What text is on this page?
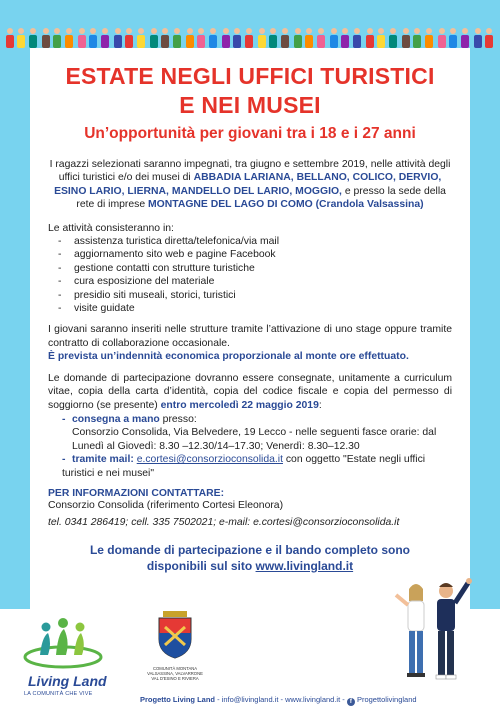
ESTATE NEGLI UFFICI TURISTICI
E NEI MUSEI
Un’opportunità per giovani tra i 18 e i 27 anni
I ragazzi selezionati saranno impegnati, tra giugno e settembre 2019, nelle attività degli uffici turistici e/o dei musei di ABBADIA LARIANA, BELLANO, COLICO, DERVIO, ESINO LARIO, LIERNA, MANDELLO DEL LARIO, MOGGIO, e presso la sede della rete di imprese MONTAGNE DEL LAGO DI COMO (Crandola Valsassina)
Le attività consisteranno in:
- assistenza turistica diretta/telefonica/via mail
- aggiornamento sito web e pagine Facebook
- gestione contatti con strutture turistiche
- cura esposizione del materiale
- presidio siti museali, storici, turistici
- visite guidate
I giovani saranno inseriti nelle strutture tramite l’attivazione di uno stage oppure tramite contratto di collaborazione occasionale.
È prevista un’indennità economica proporzionale al monte ore effettuato.
Le domande di partecipazione dovranno essere consegnate, unitamente a curriculum vitae, copia della carta d’identità, copia del codice fiscale e copia del permesso di soggiorno (se presente) entro mercoledì 22 maggio 2019:
- consegna a mano presso:
Consorzio Consolida, Via Belvedere, 19 Lecco - nelle seguenti fasce orarie: dal Lunedì al Giovedì: 8.30 –12.30/14–17.30; Venerdì: 8.30–12.30
- tramite mail: e.cortesi@consorzioconsolida.it con oggetto "Estate negli uffici turistici e nei musei"
PER INFORMAZIONI CONTATTARE:
Consorzio Consolida (riferimento Cortesi Eleonora)
tel. 0341 286419; cell. 335 7502021; e-mail: e.cortesi@consorzioconsolida.it
Le domande di partecipazione e il bando completo sono
disponibili sul sito www.livingland.it
Living Land
LA COMUNITÀ CHE VIVE
COMUNITÀ MONTANA
VALSASSINA, VALVARRONE
VAL D'ESINO E RIVIERA
Progetto Living Land - info@livingland.it - www.livingland.it - f Progettolivingland
